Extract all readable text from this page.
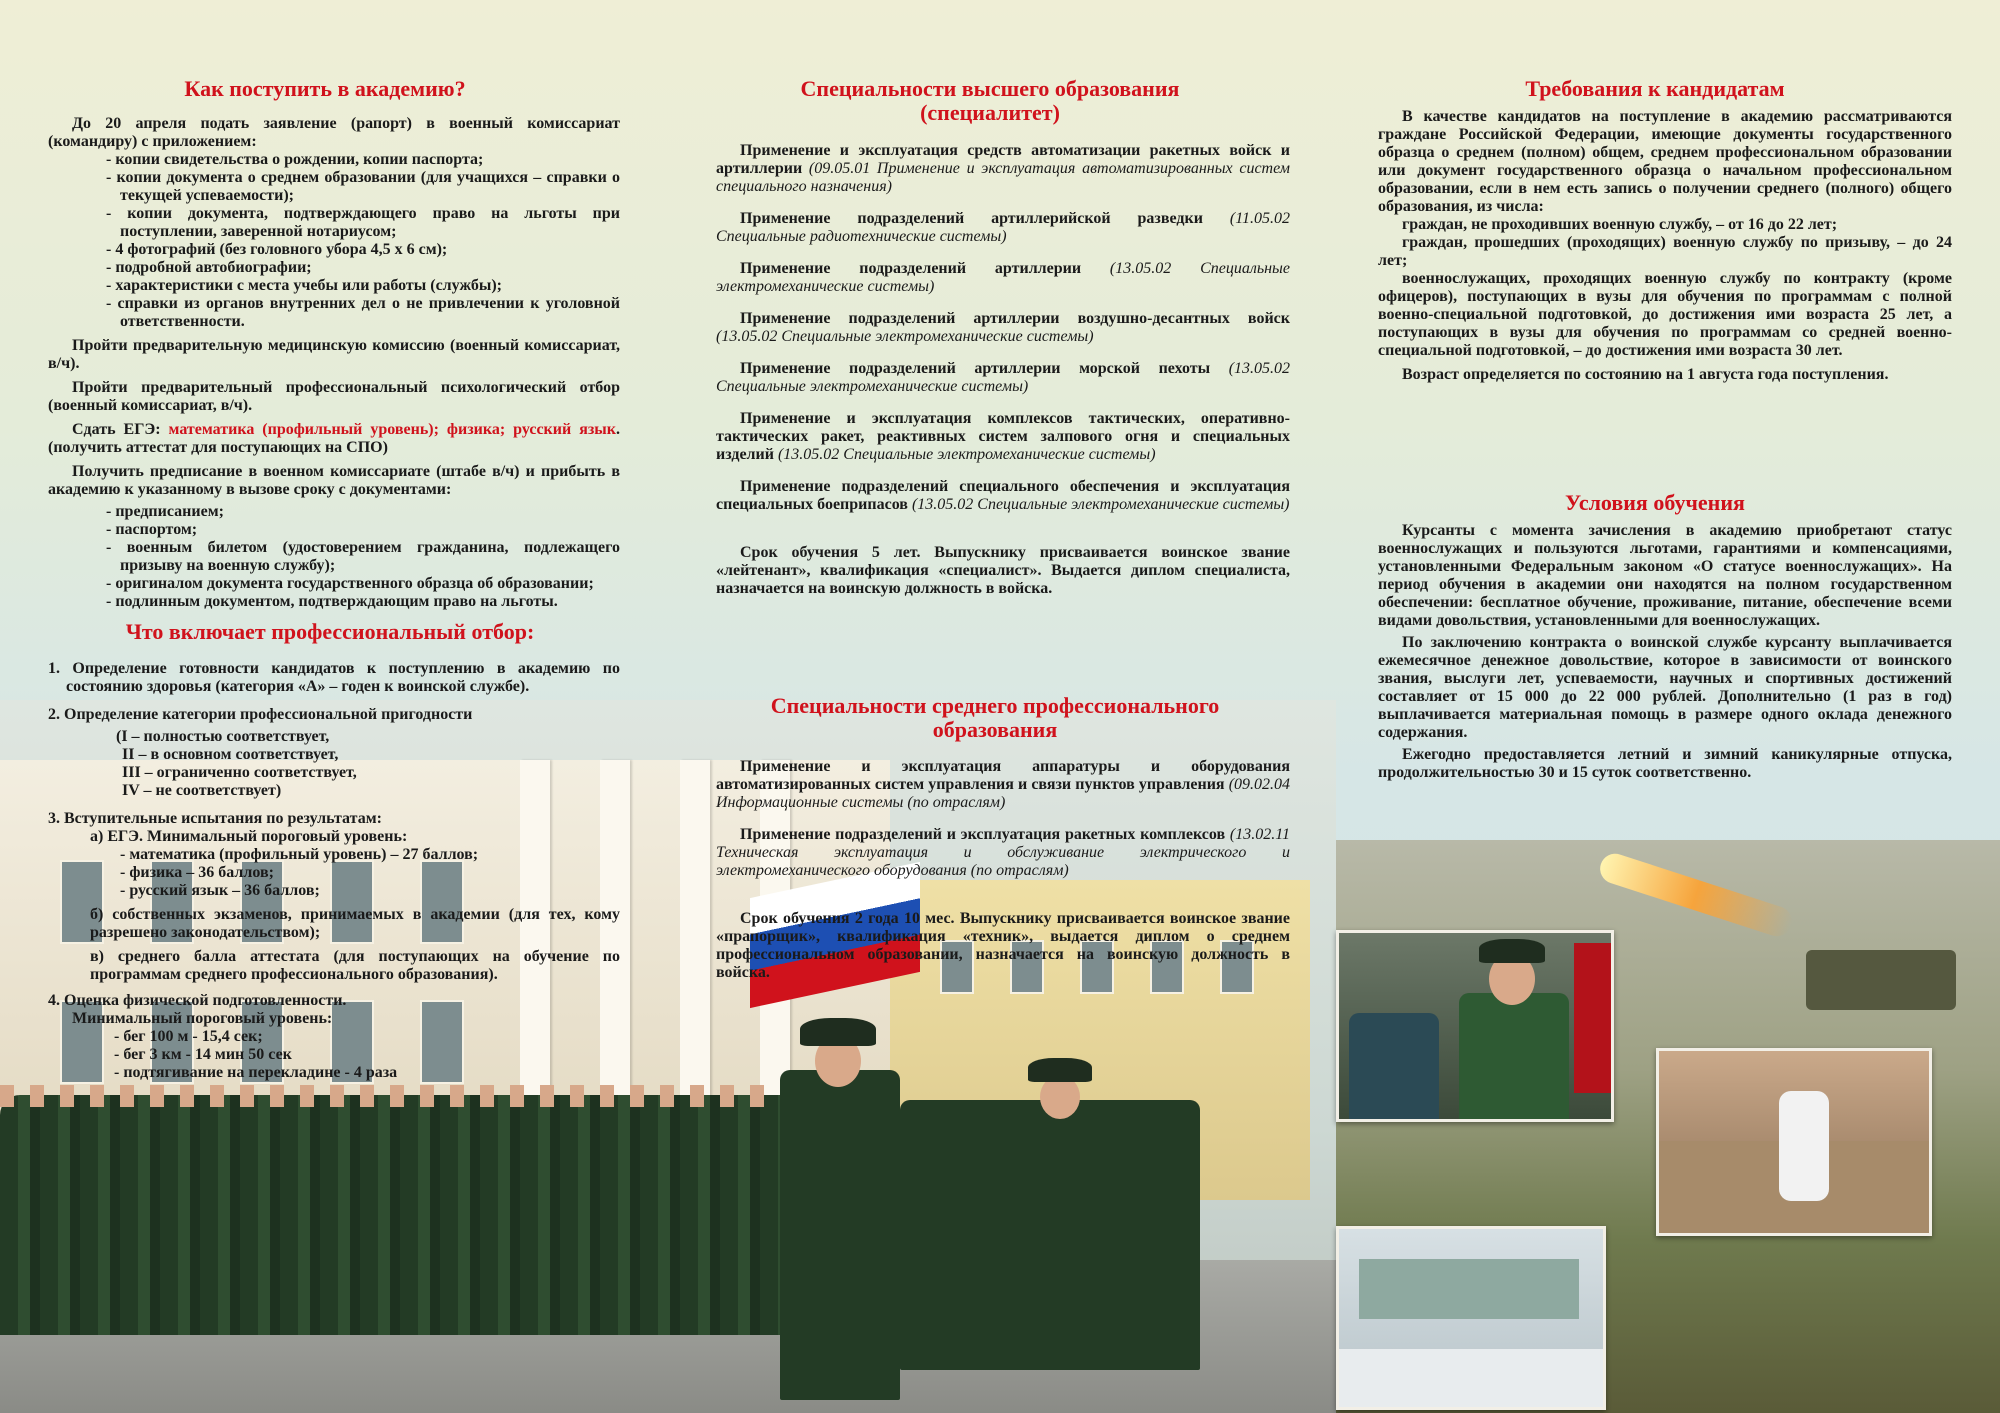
Как поступить в академию?

До 20 апреля подать заявление (рапорт) в военный комиссариат (командиру) с приложением:

- копии свидетельства о рождении, копии паспорта;
- копии документа о среднем образовании (для учащихся – справки о текущей успеваемости);
- копии документа, подтверждающего право на льготы при поступлении, заверенной нотариусом;
- 4 фотографий (без головного убора 4,5 х 6 см);
- подробной автобиографии;
- характеристики с места учебы или работы (службы);
- справки из органов внутренних дел о не привлечении к уголовной ответственности.

Пройти предварительную медицинскую комиссию (военный комиссариат, в/ч).

Пройти предварительный профессиональный психологический отбор (военный комиссариат, в/ч).

Сдать ЕГЭ: математика (профильный уровень); физика; русский язык. (получить аттестат для поступающих на СПО)

Получить предписание в военном комиссариате (штабе в/ч) и прибыть в академию к указанному в вызове сроку с документами:

- предписанием;
- паспортом;
- военным билетом (удостоверением гражданина, подлежащего призыву на военную службу);
- оригиналом документа государственного образца об образовании;
- подлинным документом, подтверждающим право на льготы.
Что включает профессиональный отбор:

1. Определение готовности кандидатов к поступлению в академию по состоянию здоровья (категория «А» – годен к воинской службе).

2. Определение категории профессиональной пригодности

(I – полностью соответствует,

II – в основном соответствует,

III – ограниченно соответствует,

IV – не соответствует)

3. Вступительные испытания по результатам:

а) ЕГЭ. Минимальный пороговый уровень:

- математика (профильный уровень) – 27 баллов;

- физика – 36 баллов;

- русский язык – 36 баллов;

б) собственных экзаменов, принимаемых в академии (для тех, кому разрешено законодательством);

в) среднего балла аттестата (для поступающих на обучение по программам среднего профессионального образования).

4. Оценка физической подготовленности.

Минимальный пороговый уровень:

- бег 100 м - 15,4 сек;

- бег 3 км - 14 мин 50 сек

- подтягивание на перекладине - 4 раза

Специальности высшего образования (специалитет)

Применение и эксплуатация средств автоматизации ракетных войск и артиллерии (09.05.01 Применение и эксплуатация автоматизированных систем специального назначения)

Применение подразделений артиллерийской разведки (11.05.02 Специальные радиотехнические системы)

Применение подразделений артиллерии (13.05.02 Специальные электромеханические системы)

Применение подразделений артиллерии воздушно-десантных войск (13.05.02 Специальные электромеханические системы)

Применение подразделений артиллерии морской пехоты (13.05.02 Специальные электромеханические системы)

Применение и эксплуатация комплексов тактических, оперативно-тактических ракет, реактивных систем залпового огня и специальных изделий (13.05.02 Специальные электромеханические системы)

Применение подразделений специального обеспечения и эксплуатация специальных боеприпасов (13.05.02 Специальные электромеханические системы)

Срок обучения 5 лет. Выпускнику присваивается воинское звание «лейтенант», квалификация «специалист». Выдается диплом специалиста, назначается на воинскую должность в войска.

Специальности среднего профессионального образования

Применение и эксплуатация аппаратуры и оборудования автоматизированных систем управления и связи пунктов управления (09.02.04 Информационные системы (по отраслям)

Применение подразделений и эксплуатация ракетных комплексов (13.02.11 Техническая эксплуатация и обслуживание электрического и электромеханического оборудования (по отраслям)

Срок обучения 2 года 10 мес. Выпускнику присваивается воинское звание «прапорщик», квалификация «техник», выдается диплом о среднем профессиональном образовании, назначается на воинскую должность в войска.

Требования к кандидатам

В качестве кандидатов на поступление в академию рассматриваются граждане Российской Федерации, имеющие документы государственного образца о среднем (полном) общем, среднем профессиональном образовании или документ государственного образца о начальном профессиональном образовании, если в нем есть запись о получении среднего (полного) общего образования, из числа:

граждан, не проходивших военную службу, – от 16 до 22 лет;

граждан, прошедших (проходящих) военную службу по призыву, – до 24 лет;

военнослужащих, проходящих военную службу по контракту (кроме офицеров), поступающих в вузы для обучения по программам с полной военно-специальной подготовкой, до достижения ими возраста 25 лет, а поступающих в вузы для обучения по программам со средней военно-специальной подготовкой, – до достижения ими возраста 30 лет.

Возраст определяется по состоянию на 1 августа года поступления.

Условия обучения

Курсанты с момента зачисления в академию приобретают статус военнослужащих и пользуются льготами, гарантиями и компенсациями, установленными Федеральным законом «О статусе военнослужащих». На период обучения в академии они находятся на полном государственном обеспечении: бесплатное обучение, проживание, питание, обеспечение всеми видами довольствия, установленными для военнослужащих.

По заключению контракта о воинской службе курсанту выплачивается ежемесячное денежное довольствие, которое в зависимости от воинского звания, выслуги лет, успеваемости, научных и спортивных достижений составляет от 15 000 до 22 000 рублей. Дополнительно (1 раз в год) выплачивается материальная помощь в размере одного оклада денежного содержания.

Ежегодно предоставляется летний и зимний каникулярные отпуска, продолжительностью 30 и 15 суток соответственно.
